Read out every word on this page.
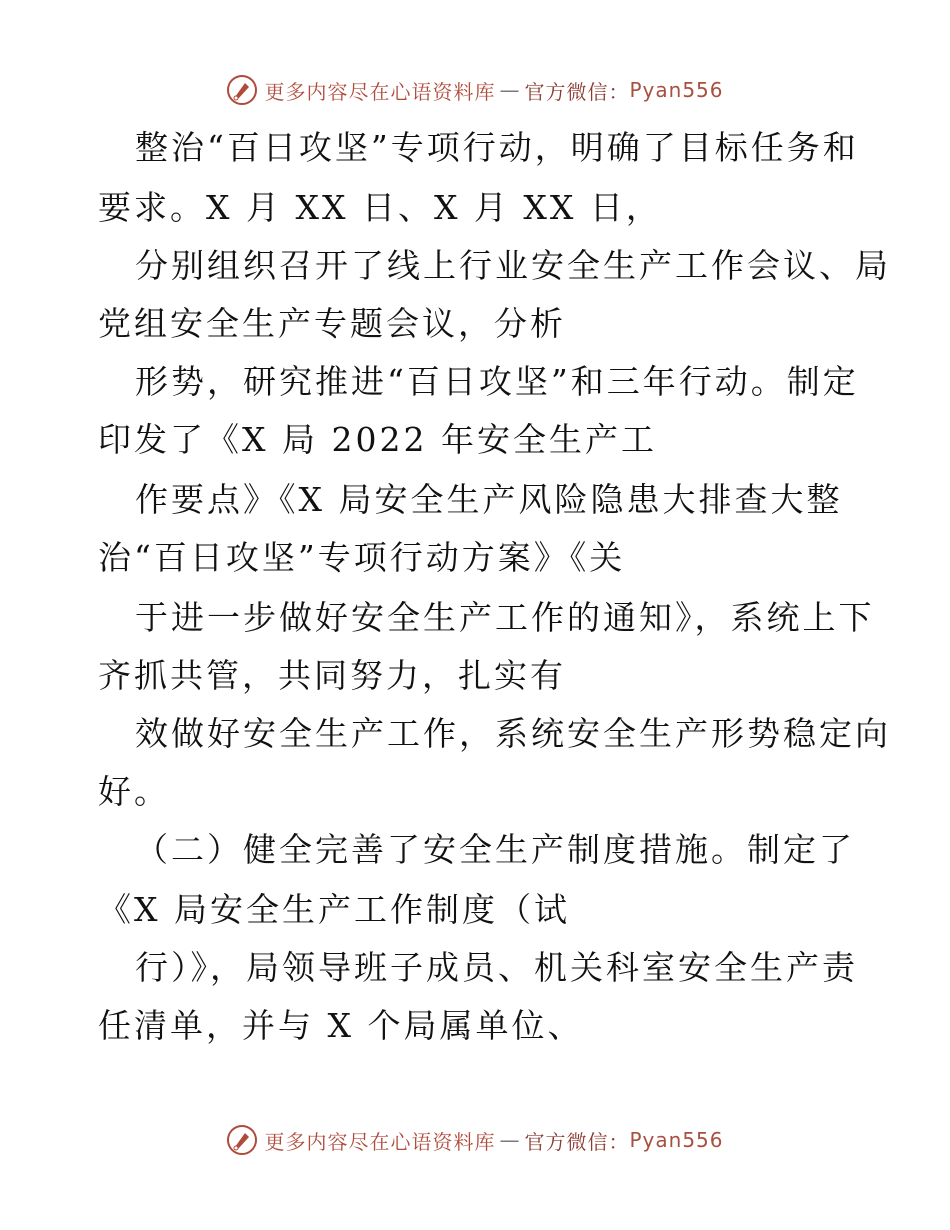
更多内容尽在心语资料库 — 官方微信： Pyan556
整治“百日攻坚”专项行动，明确了目标任务和
要求。X 月 XX 日、X 月 XX 日，
分别组织召开了线上行业安全生产工作会议、局
党组安全生产专题会议，分析
形势，研究推进“百日攻坚”和三年行动。制定
印发了《X 局 2022 年安全生产工
作要点》《X 局安全生产风险隐患大排查大整
治“百日攻坚”专项行动方案》《关
于进一步做好安全生产工作的通知》，系统上下
齐抓共管，共同努力，扎实有
效做好安全生产工作，系统安全生产形势稳定向
好。
（二）健全完善了安全生产制度措施。制定了
《X 局安全生产工作制度（试
行）》，局领导班子成员、机关科室安全生产责
任清单，并与 X 个局属单位、
更多内容尽在心语资料库 — 官方微信： Pyan556
